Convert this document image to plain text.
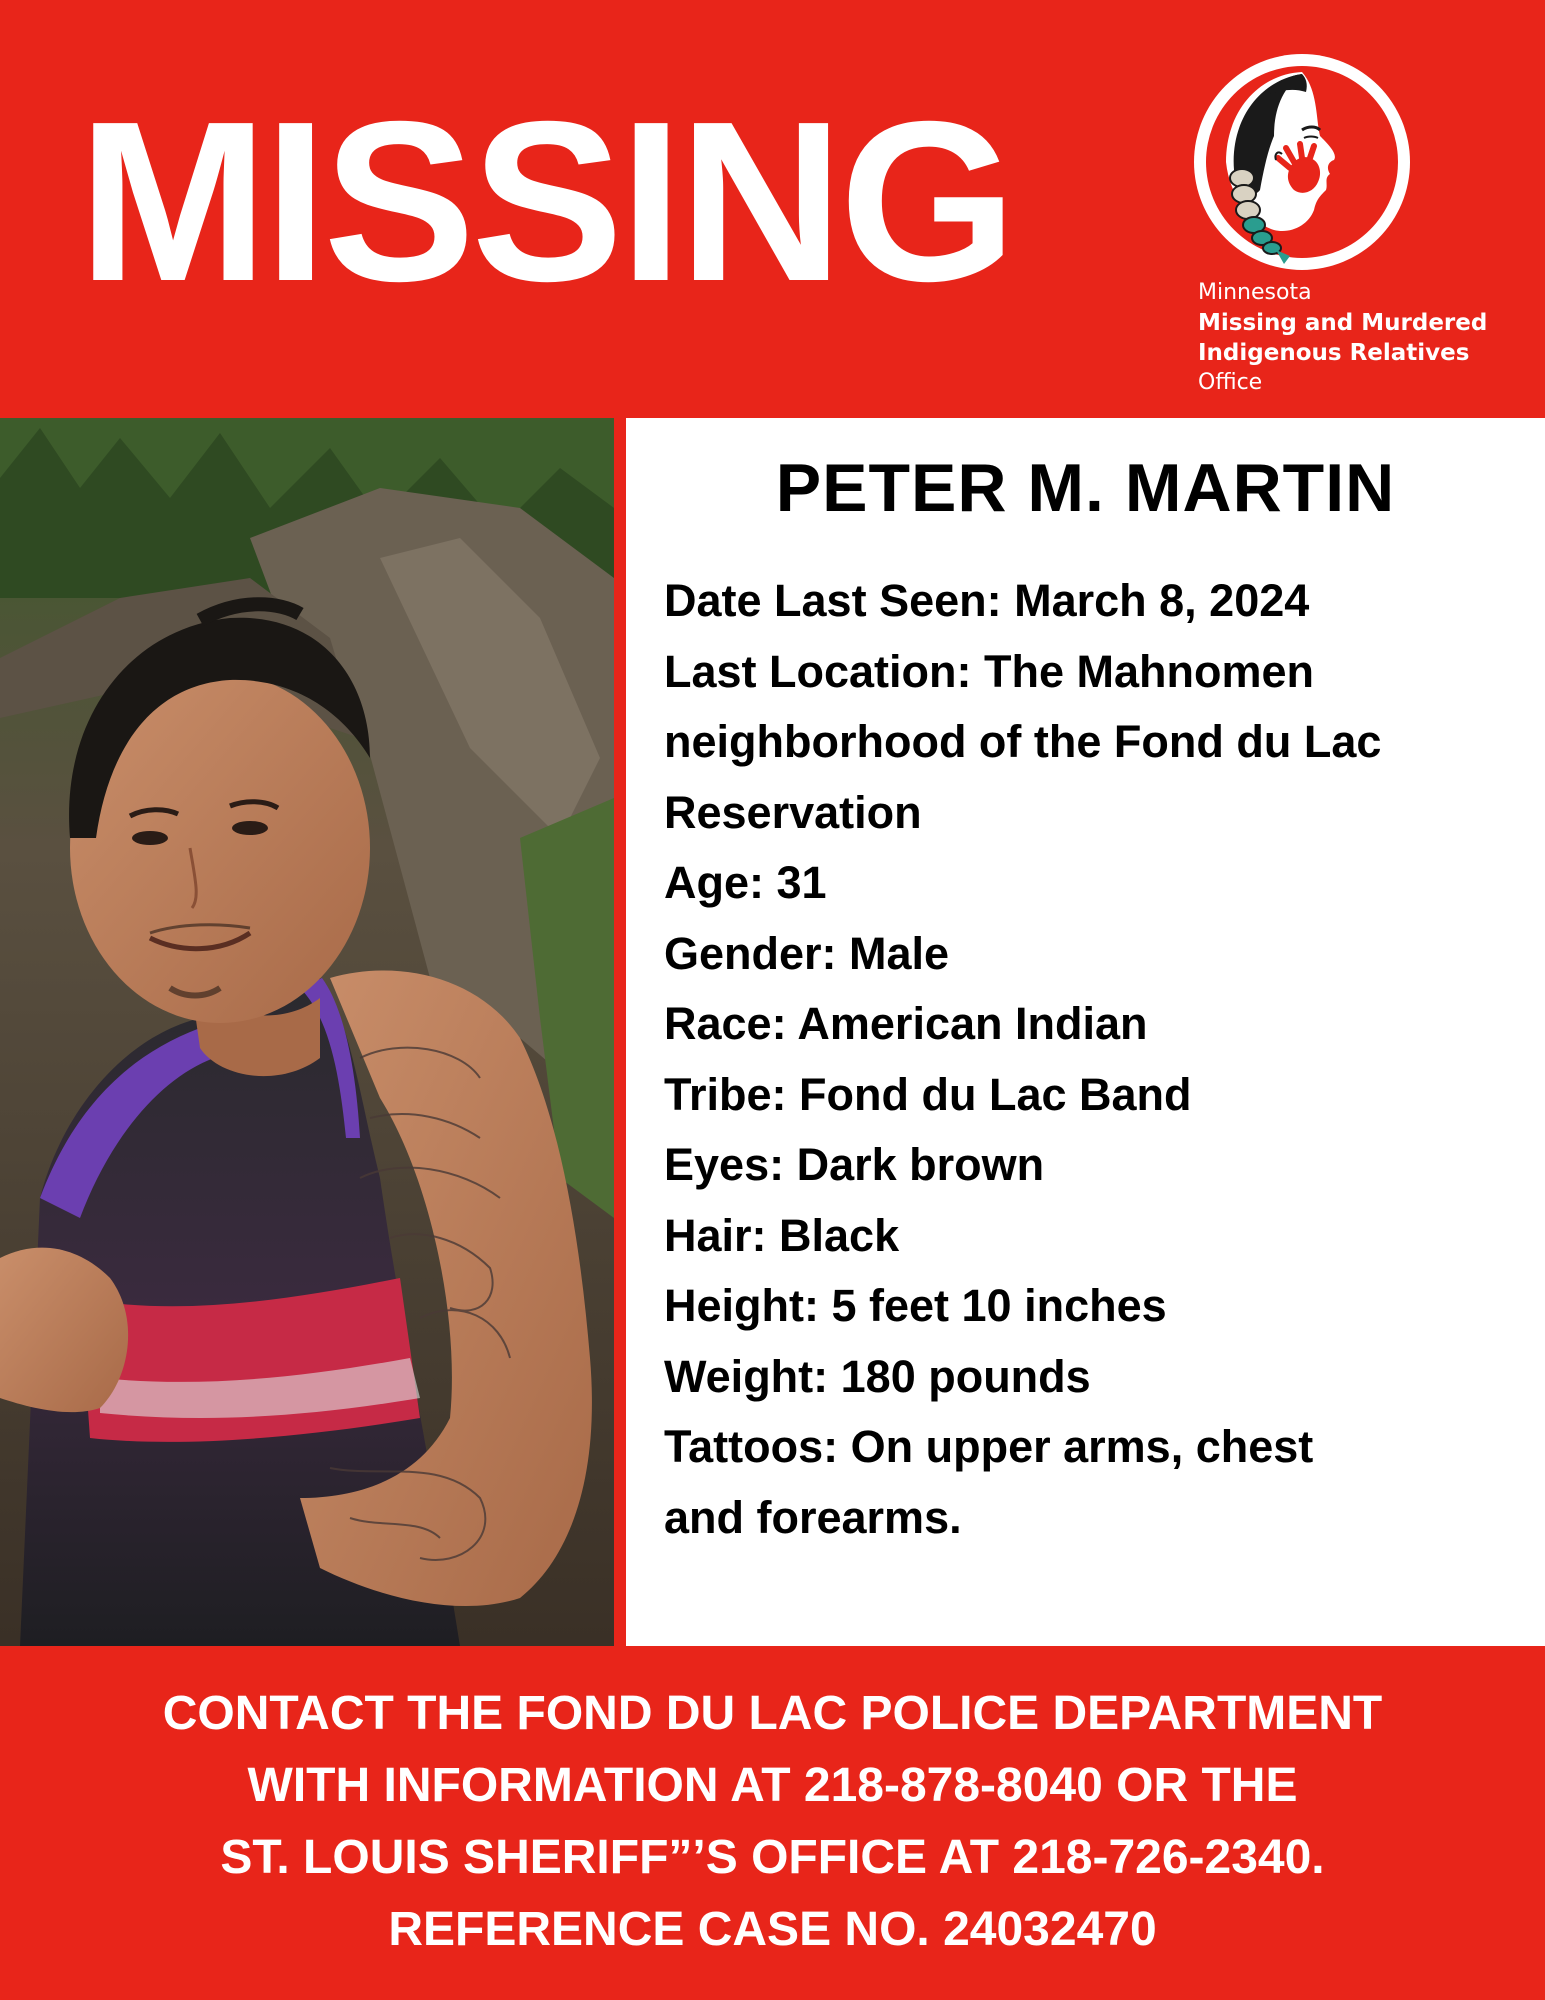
MISSING	Minnesota
Missing and Murdered
Indigenous Relatives
Office
PETER M. MARTIN
Date Last Seen: March 8, 2024
Last Location: The Mahnomen
neighborhood of the Fond du Lac
Reservation
Age: 31
Gender: Male
Race: American Indian
Tribe: Fond du Lac Band
Eyes: Dark brown
Hair: Black
Height: 5 feet 10 inches
Weight: 180 pounds
Tattoos: On upper arms, chest
and forearms.
CONTACT THE FOND DU LAC POLICE DEPARTMENT
WITH INFORMATION AT 218-878-8040 OR THE
ST. LOUIS SHERIFF”’S OFFICE AT 218-726-2340.
REFERENCE CASE NO. 24032470
